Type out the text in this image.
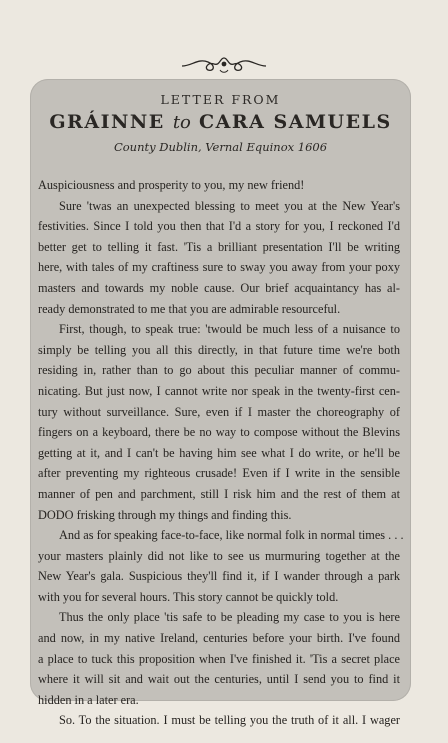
LETTER FROM
GRÁINNE to CARA SAMUELS
County Dublin, Vernal Equinox 1606
Auspiciousness and prosperity to you, my new friend!
Sure 'twas an unexpected blessing to meet you at the New Year's
festivities. Since I told you then that I'd a story for you, I reckoned I'd
better get to telling it fast. 'Tis a brilliant presentation I'll be writing
here, with tales of my craftiness sure to sway you away from your poxy
masters and towards my noble cause. Our brief acquaintancy has al-
ready demonstrated to me that you are admirable resourceful.
First, though, to speak true: 'twould be much less of a nuisance to
simply be telling you all this directly, in that future time we're both
residing in, rather than to go about this peculiar manner of commu-
nicating. But just now, I cannot write nor speak in the twenty-first cen-
tury without surveillance. Sure, even if I master the choreography of
fingers on a keyboard, there be no way to compose without the Blevins
getting at it, and I can't be having him see what I do write, or he'll be
after preventing my righteous crusade! Even if I write in the sensible
manner of pen and parchment, still I risk him and the rest of them at
DODO frisking through my things and finding this.
And as for speaking face-to-face, like normal folk in normal times . . .
your masters plainly did not like to see us murmuring together at the
New Year's gala. Suspicious they'll find it, if I wander through a park
with you for several hours. This story cannot be quickly told.
Thus the only place 'tis safe to be pleading my case to you is here
and now, in my native Ireland, centuries before your birth. I've found
a place to tuck this proposition when I've finished it. 'Tis a secret place
where it will sit and wait out the centuries, until I send you to find it
hidden in a later era.
So. To the situation. I must be telling you the truth of it all. I wager
